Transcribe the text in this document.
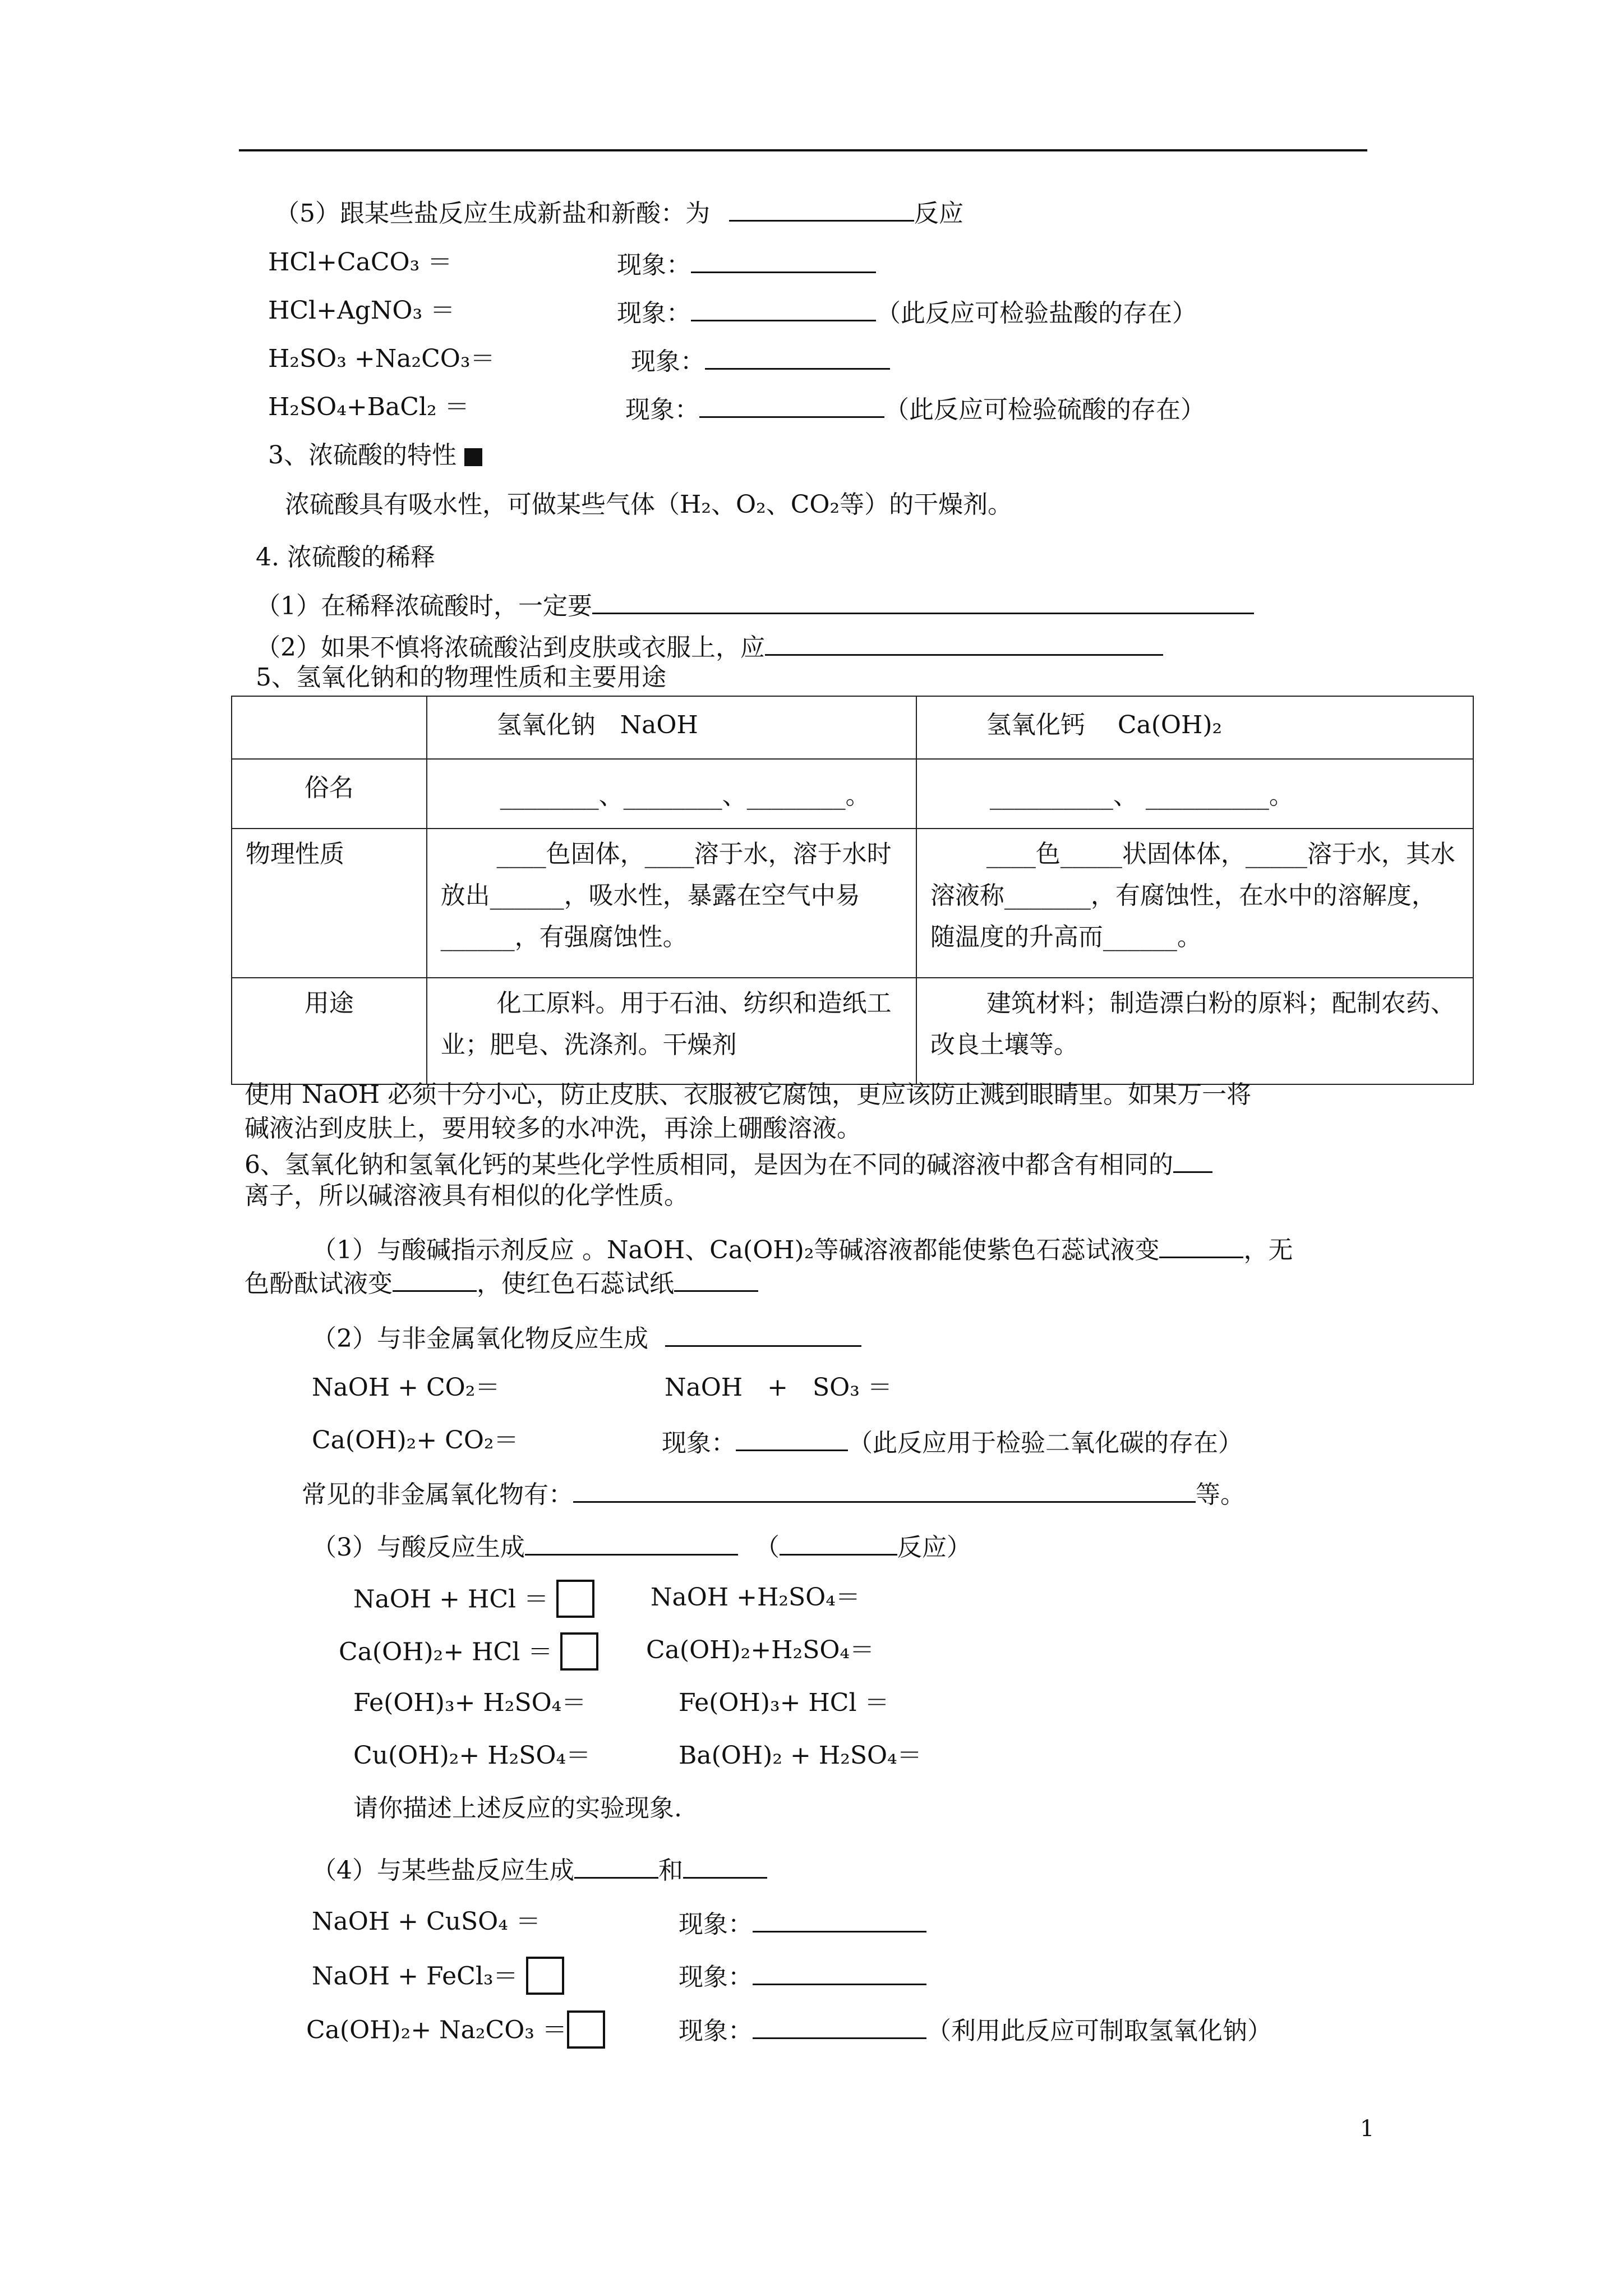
（5）跟某些盐反应生成新盐和新酸：为	反应
HCl+CaCO₃ ＝	现象：
HCl+AgNO₃ ＝	现象：	（此反应可检验盐酸的存在）
H₂SO₃ +Na₂CO₃＝	现象：
H₂SO₄+BaCl₂ ＝	现象：	（此反应可检验硫酸的存在）
3、浓硫酸的特性
浓硫酸具有吸水性，可做某些气体（H₂、O₂、CO₂等）的干燥剂。
4. 浓硫酸的稀释
（1）在稀释浓硫酸时，一定要
（2）如果不慎将浓硫酸沾到皮肤或衣服上，应
5、氢氧化钠和的物理性质和主要用途
	氢氧化钠　NaOH	氢氧化钙　 Ca(OH)₂
俗名	________、________、________。	__________、 __________。
物理性质	____色固体，____溶于水，溶于水时放出______，吸水性，暴露在空气中易______，有强腐蚀性。	____色_____状固体体，_____溶于水，其水溶液称_______，有腐蚀性，在水中的溶解度，随温度的升高而______。
用途	化工原料。用于石油、纺织和造纸工业；肥皂、洗涤剂。干燥剂	建筑材料；制造漂白粉的原料；配制农药、改良土壤等。
使用 NaOH 必须十分小心，防止皮肤、衣服被它腐蚀，更应该防止溅到眼睛里。如果万一将
碱液沾到皮肤上，要用较多的水冲洗，再涂上硼酸溶液。
6、氢氧化钠和氢氧化钙的某些化学性质相同，是因为在不同的碱溶液中都含有相同的
离子，所以碱溶液具有相似的化学性质。
（1）与酸碱指示剂反应 。NaOH、Ca(OH)₂等碱溶液都能使紫色石蕊试液变	，无
色酚酞试液变	，使红色石蕊试纸
（2）与非金属氧化物反应生成
NaOH + CO₂＝	NaOH　+　SO₃ ＝
Ca(OH)₂+ CO₂＝	现象：	（此反应用于检验二氧化碳的存在）
常见的非金属氧化物有：	等。
（3）与酸反应生成	（	反应）
NaOH + HCl ＝	NaOH +H₂SO₄＝
Ca(OH)₂+ HCl ＝	Ca(OH)₂+H₂SO₄＝
Fe(OH)₃+ H₂SO₄＝	Fe(OH)₃+ HCl ＝
Cu(OH)₂+ H₂SO₄＝	Ba(OH)₂ + H₂SO₄＝
请你描述上述反应的实验现象.
（4）与某些盐反应生成	和
NaOH + CuSO₄ ＝	现象：
NaOH + FeCl₃＝	现象：
Ca(OH)₂+ Na₂CO₃ ＝	现象：	（利用此反应可制取氢氧化钠）
1
